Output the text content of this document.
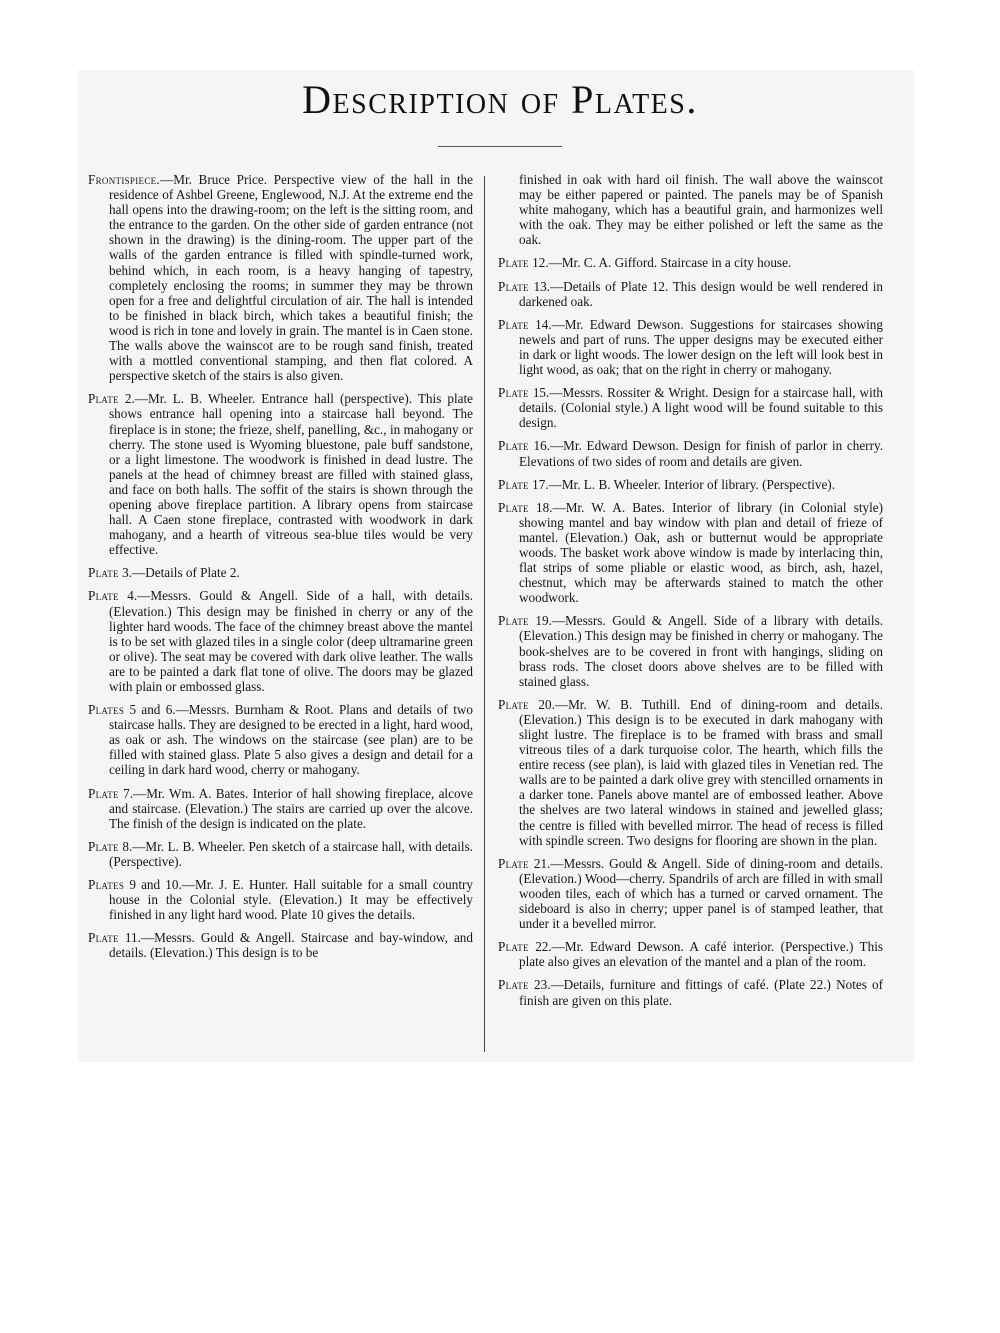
Description of Plates.

Frontispiece.—Mr. Bruce Price. Perspective view of the hall in the residence of Ashbel Greene, Englewood, N.J. At the extreme end the hall opens into the drawing-room; on the left is the sitting room, and the entrance to the garden. On the other side of garden entrance (not shown in the drawing) is the dining-room. The upper part of the walls of the garden entrance is filled with spindle-turned work, behind which, in each room, is a heavy hanging of tapestry, completely enclosing the rooms; in summer they may be thrown open for a free and delightful circulation of air. The hall is intended to be finished in black birch, which takes a beautiful finish; the wood is rich in tone and lovely in grain. The mantel is in Caen stone. The walls above the wainscot are to be rough sand finish, treated with a mottled conventional stamping, and then flat colored. A perspective sketch of the stairs is also given.

Plate 2.—Mr. L. B. Wheeler. Entrance hall (perspective). This plate shows entrance hall opening into a staircase hall beyond. The fireplace is in stone; the frieze, shelf, panelling, &c., in mahogany or cherry. The stone used is Wyoming bluestone, pale buff sandstone, or a light limestone. The woodwork is finished in dead lustre. The panels at the head of chimney breast are filled with stained glass, and face on both halls. The soffit of the stairs is shown through the opening above fireplace partition. A library opens from staircase hall. A Caen stone fireplace, contrasted with woodwork in dark mahogany, and a hearth of vitreous sea-blue tiles would be very effective.

Plate 3.—Details of Plate 2.

Plate 4.—Messrs. Gould & Angell. Side of a hall, with details. (Elevation.) This design may be finished in cherry or any of the lighter hard woods. The face of the chimney breast above the mantel is to be set with glazed tiles in a single color (deep ultramarine green or olive). The seat may be covered with dark olive leather. The walls are to be painted a dark flat tone of olive. The doors may be glazed with plain or embossed glass.

Plates 5 and 6.—Messrs. Burnham & Root. Plans and details of two staircase halls. They are designed to be erected in a light, hard wood, as oak or ash. The windows on the staircase (see plan) are to be filled with stained glass. Plate 5 also gives a design and detail for a ceiling in dark hard wood, cherry or mahogany.

Plate 7.—Mr. Wm. A. Bates. Interior of hall showing fireplace, alcove and staircase. (Elevation.) The stairs are carried up over the alcove. The finish of the design is indicated on the plate.

Plate 8.—Mr. L. B. Wheeler. Pen sketch of a staircase hall, with details. (Perspective).

Plates 9 and 10.—Mr. J. E. Hunter. Hall suitable for a small country house in the Colonial style. (Elevation.) It may be effectively finished in any light hard wood. Plate 10 gives the details.

Plate 11.—Messrs. Gould & Angell. Staircase and bay-window, and details. (Elevation.) This design is to be

finished in oak with hard oil finish. The wall above the wainscot may be either papered or painted. The panels may be of Spanish white mahogany, which has a beautiful grain, and harmonizes well with the oak. They may be either polished or left the same as the oak.

Plate 12.—Mr. C. A. Gifford. Staircase in a city house.

Plate 13.—Details of Plate 12. This design would be well rendered in darkened oak.

Plate 14.—Mr. Edward Dewson. Suggestions for staircases showing newels and part of runs. The upper designs may be executed either in dark or light woods. The lower design on the left will look best in light wood, as oak; that on the right in cherry or mahogany.

Plate 15.—Messrs. Rossiter & Wright. Design for a staircase hall, with details. (Colonial style.) A light wood will be found suitable to this design.

Plate 16.—Mr. Edward Dewson. Design for finish of parlor in cherry. Elevations of two sides of room and details are given.

Plate 17.—Mr. L. B. Wheeler. Interior of library. (Perspective).

Plate 18.—Mr. W. A. Bates. Interior of library (in Colonial style) showing mantel and bay window with plan and detail of frieze of mantel. (Elevation.) Oak, ash or butternut would be appropriate woods. The basket work above window is made by interlacing thin, flat strips of some pliable or elastic wood, as birch, ash, hazel, chestnut, which may be afterwards stained to match the other woodwork.

Plate 19.—Messrs. Gould & Angell. Side of a library with details. (Elevation.) This design may be finished in cherry or mahogany. The book-shelves are to be covered in front with hangings, sliding on brass rods. The closet doors above shelves are to be filled with stained glass.

Plate 20.—Mr. W. B. Tuthill. End of dining-room and details. (Elevation.) This design is to be executed in dark mahogany with slight lustre. The fireplace is to be framed with brass and small vitreous tiles of a dark turquoise color. The hearth, which fills the entire recess (see plan), is laid with glazed tiles in Venetian red. The walls are to be painted a dark olive grey with stencilled ornaments in a darker tone. Panels above mantel are of embossed leather. Above the shelves are two lateral windows in stained and jewelled glass; the centre is filled with bevelled mirror. The head of recess is filled with spindle screen. Two designs for flooring are shown in the plan.

Plate 21.—Messrs. Gould & Angell. Side of dining-room and details. (Elevation.) Wood—cherry. Spandrils of arch are filled in with small wooden tiles, each of which has a turned or carved ornament. The sideboard is also in cherry; upper panel is of stamped leather, that under it a bevelled mirror.

Plate 22.—Mr. Edward Dewson. A café interior. (Perspective.) This plate also gives an elevation of the mantel and a plan of the room.

Plate 23.—Details, furniture and fittings of café. (Plate 22.) Notes of finish are given on this plate.
